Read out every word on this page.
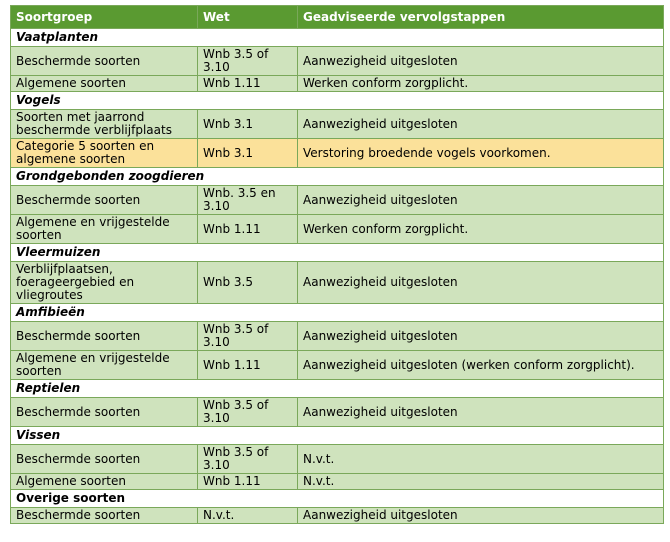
Soortgroep	Wet	Geadviseerde vervolgstappen
Vaatplanten		
Beschermde soorten	Wnb 3.5 of 3.10	Aanwezigheid uitgesloten
Algemene soorten	Wnb 1.11	Werken conform zorgplicht.
Vogels		
Soorten met jaarrond beschermde verblijfplaats	Wnb 3.1	Aanwezigheid uitgesloten
Categorie 5 soorten en algemene soorten	Wnb 3.1	Verstoring broedende vogels voorkomen.
Grondgebonden zoogdieren		
Beschermde soorten	Wnb. 3.5 en 3.10	Aanwezigheid uitgesloten
Algemene en vrijgestelde soorten	Wnb 1.11	Werken conform zorgplicht.
Vleermuizen		
Verblijfplaatsen, foerageergebied en vliegroutes	Wnb 3.5	Aanwezigheid uitgesloten
Amfibieën		
Beschermde soorten	Wnb 3.5 of 3.10	Aanwezigheid uitgesloten
Algemene en vrijgestelde soorten	Wnb 1.11	Aanwezigheid uitgesloten (werken conform zorgplicht).
Reptielen		
Beschermde soorten	Wnb 3.5 of 3.10	Aanwezigheid uitgesloten
Vissen		
Beschermde soorten	Wnb 3.5 of 3.10	N.v.t.
Algemene soorten	Wnb 1.11	N.v.t.
Overige soorten		
Beschermde soorten	N.v.t.	Aanwezigheid uitgesloten
